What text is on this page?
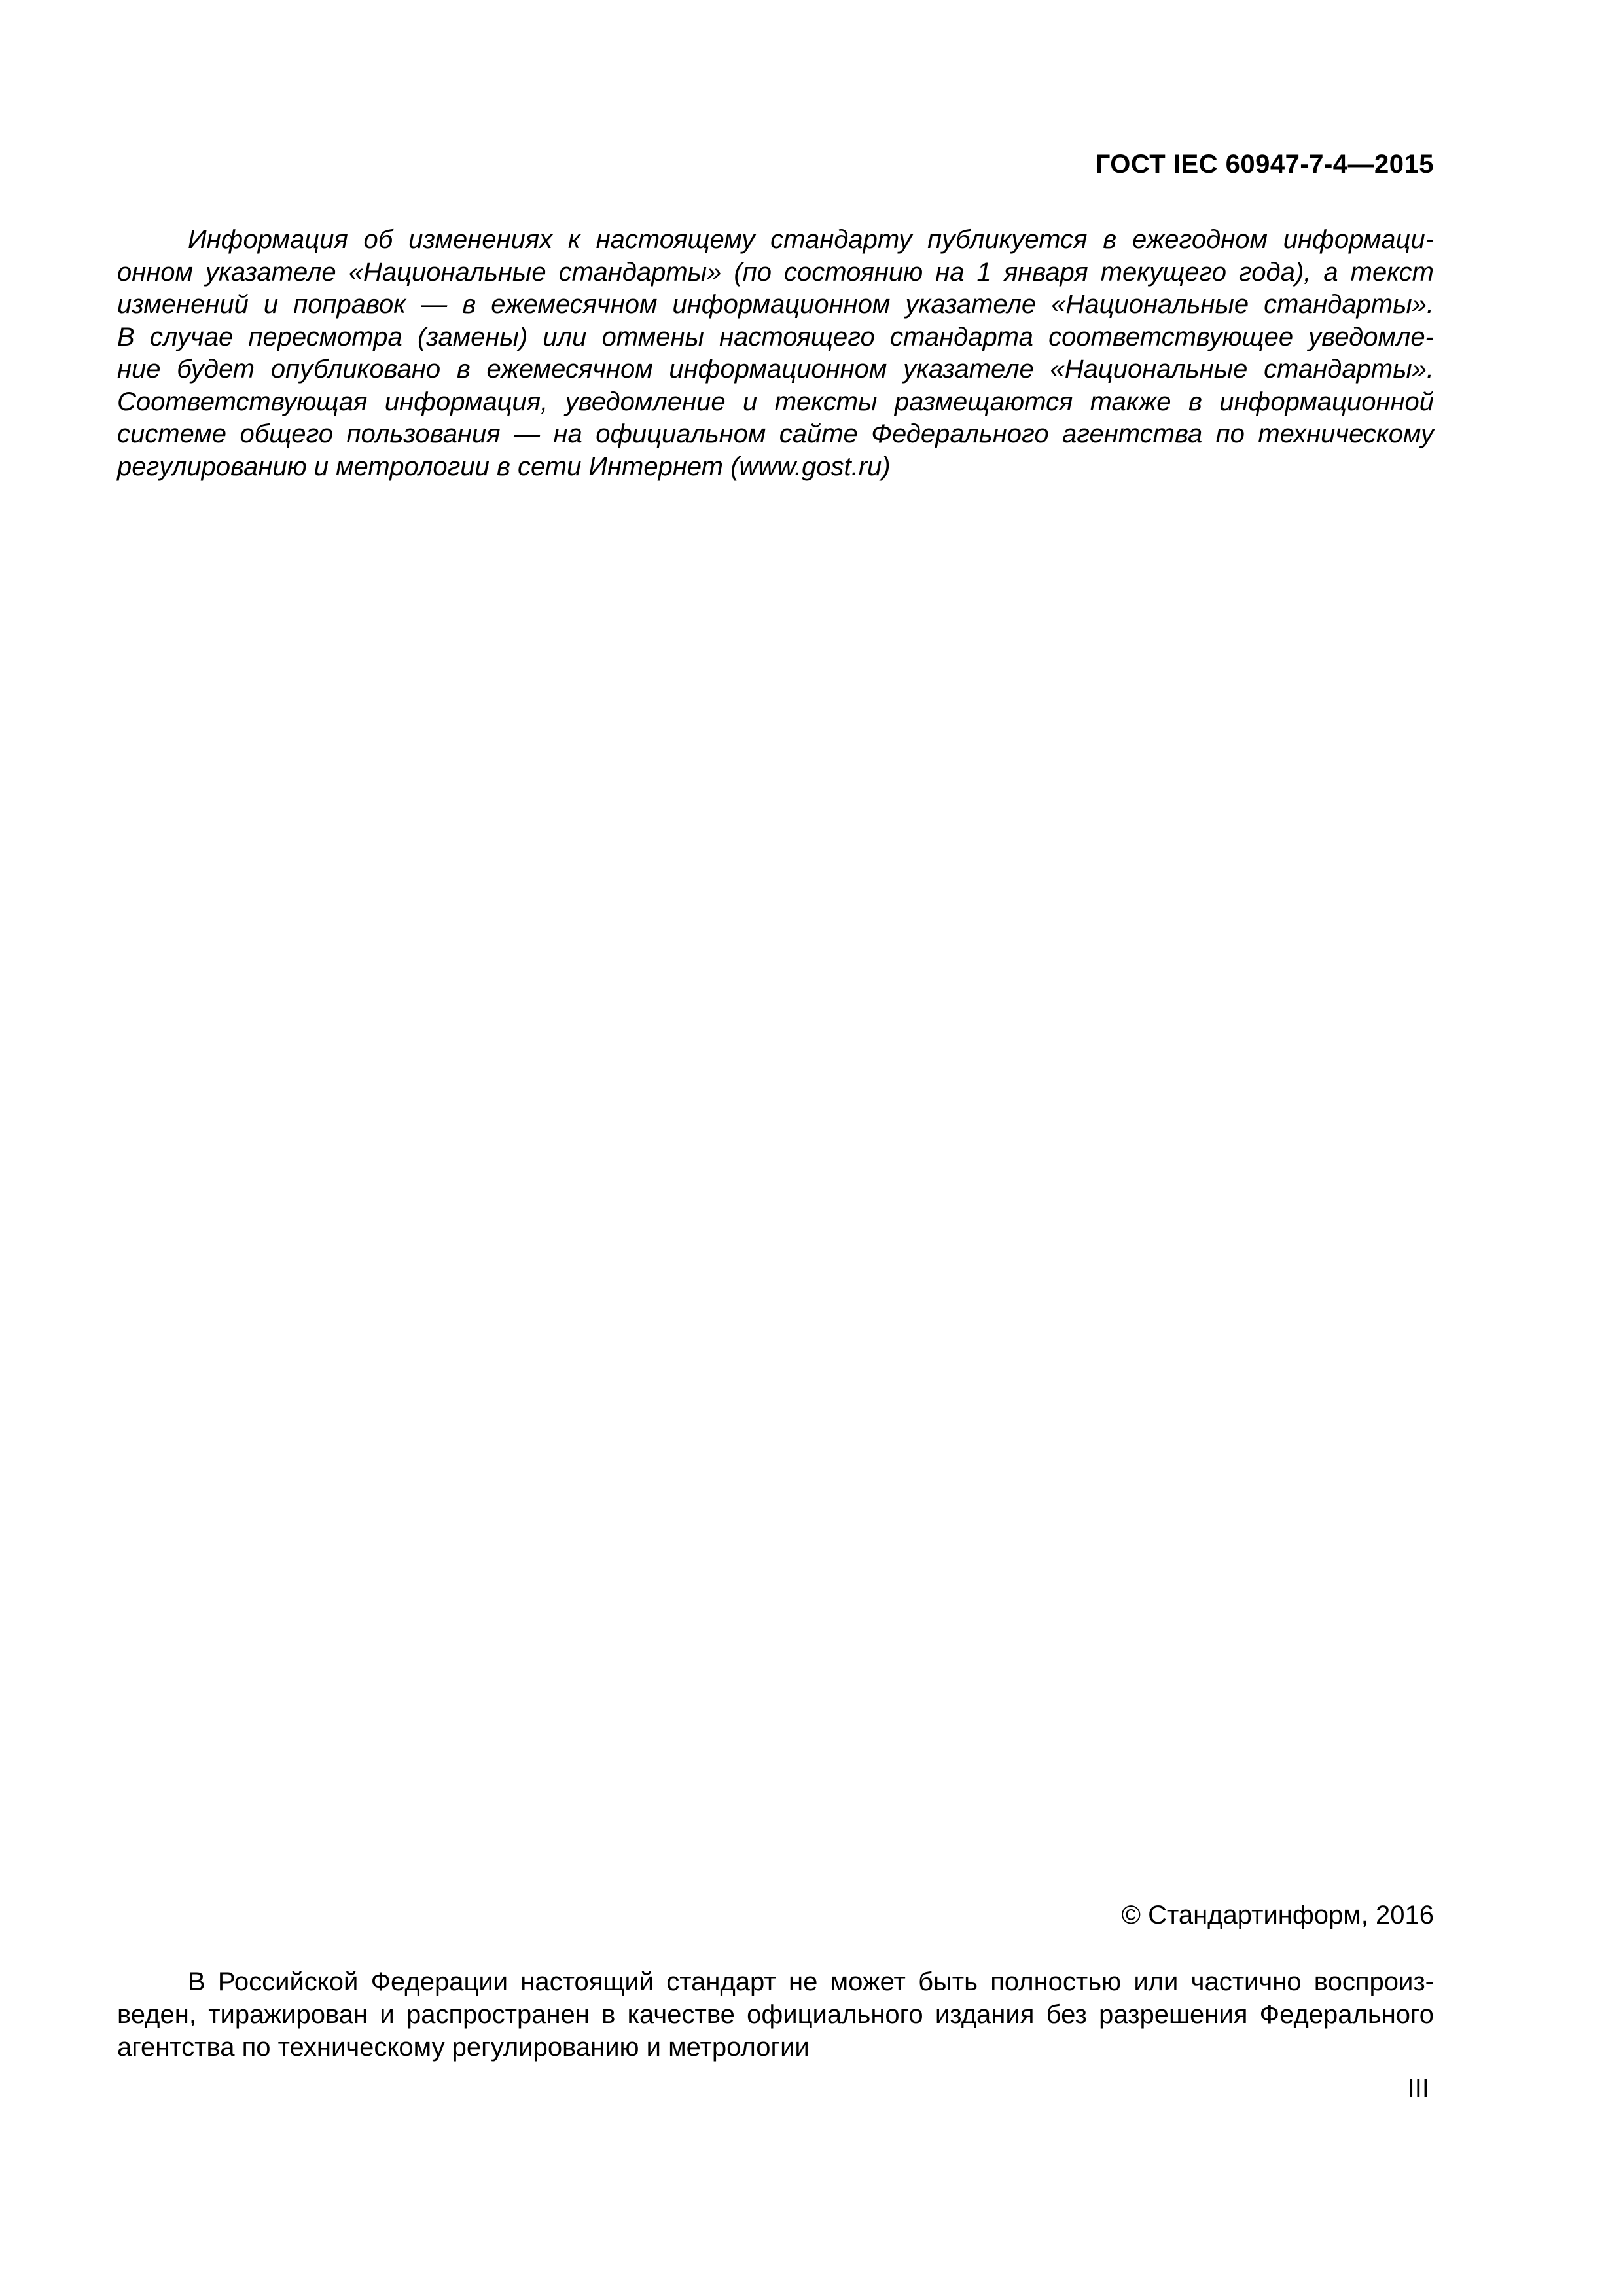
ГОСТ IEC 60947-7-4—2015
Информация об изменениях к настоящему стандарту публикуется в ежегодном информаци-
онном указателе «Национальные стандарты» (по состоянию на 1 января текущего года), а текст
изменений и поправок — в ежемесячном информационном указателе «Национальные стандарты».
В случае пересмотра (замены) или отмены настоящего стандарта соответствующее уведомле-
ние будет опубликовано в ежемесячном информационном указателе «Национальные стандарты».
Соответствующая информация, уведомление и тексты размещаются также в информационной
системе общего пользования — на официальном сайте Федерального агентства по техническому
регулированию и метрологии в сети Интернет (www.gost.ru)
© Стандартинформ, 2016
В Российской Федерации настоящий стандарт не может быть полностью или частично воспроиз-
веден, тиражирован и распространен в качестве официального издания без разрешения Федерального
агентства по техническому регулированию и метрологии
III
